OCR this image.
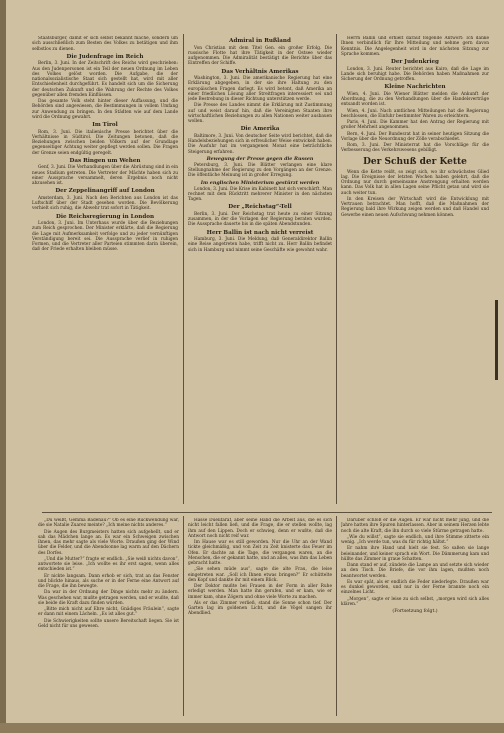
Staatsbürger, damit er sich selbst bekannt mache, sondern um sich ausschließlich zum Besten des Volkes zu betätigen und ihm selbstlos zu dienen.

Die Judenfrage im Reich

Berlin, 3. Juni. In der Zeitschrift des Reichs wird geschrieben: Aus den Judenpersonen ist ein Teil der neuen Ordnung im Leben des Volkes gelöst worden. Die Aufgabe, die der nationalsozialistische Staat sich gestellt hat, wird mit aller Entschiedenheit durchgeführt. Es handelt sich um die Sicherung der deutschen Zukunft und die Wahrung der Rechte des Volkes gegenüber allen fremden Einflüssen.

Das gesamte Volk steht hinter dieser Auffassung, und die Behörden sind angewiesen, die Bestimmungen in vollem Umfang zur Anwendung zu bringen. In den Städten wie auf dem Lande wird die Ordnung gewahrt.

Im Tirol

Rom, 3. Juni. Die italienische Presse berichtet über die Verhältnisse in Südtirol. Die Zeitungen betonen, daß die Beziehungen zwischen beiden Völkern auf der Grundlage gegenseitiger Achtung weiter gepflegt werden sollen. Die Fragen der Grenze seien endgültig geregelt.

Das Ringen um Wehen

Genf, 3. Juni. Die Verhandlungen über die Abrüstung sind in ein neues Stadium getreten. Die Vertreter der Mächte haben sich zu einer Aussprache versammelt, deren Ergebnis noch nicht abzusehen ist.

Der Zeppelinangriff auf London

Amsterdam, 3. Juni. Nach den Berichten aus London ist das Luftschiff über der Stadt gesehen worden. Die Bevölkerung verhielt sich ruhig, die Abwehr trat sofort in Tätigkeit.

Die Reichsregierung in London

London, 3. Juni. Im Unterhaus wurde über die Beziehungen zum Reich gesprochen. Der Minister erklärte, daß die Regierung die Lage mit Aufmerksamkeit verfolge und zu jeder vernünftigen Verständigung bereit sei. Die Aussprache verlief in ruhigen Formen, und die Vertreter aller Parteien stimmten darin überein, daß der Friede erhalten bleiben müsse.

Admiral in Rußland

Von Christian mit dem Titel Gen. ein großer Erfolg. Die russische Flotte hat ihre Tätigkeit in der Ostsee wieder aufgenommen. Die Admiralität bestätigt die Berichte über das Eintreffen der Schiffe.

Das Verhältnis Amerikas

Washington, 3. Juni. Die amerikanische Regierung hat eine Erklärung abgegeben, in der sie ihre Haltung zu den europäischen Fragen darlegt. Es wird betont, daß Amerika an einer friedlichen Lösung aller Streitfragen interessiert sei und jede Bestrebung in dieser Richtung unterstützen werde.

Die Presse des Landes nimmt die Erklärung mit Zustimmung auf und weist darauf hin, daß die Vereinigten Staaten ihre wirtschaftlichen Beziehungen zu allen Nationen weiter ausbauen wollen.

Die Amerika

Baltimore, 3. Juni. Von deutscher Seite wird berichtet, daß die Handelsbeziehungen sich in erfreulicher Weise entwickelt haben. Die Ausfuhr hat im vergangenen Monat eine beträchtliche Steigerung erfahren.

Bewegung der Presse gegen die Russen

Petersburg, 3. Juni. Die Blätter verlangen eine klare Stellungnahme der Regierung zu den Vorgängen an der Grenze. Die öffentliche Meinung ist in großer Erregung.

Im englischen Ministerium gestürzt werden

London, 3. Juni. Die Krise im Kabinett hat sich verschärft. Man rechnet mit dem Rücktritt mehrerer Minister in den nächsten Tagen.

Der „Reichstag“-Tell

Berlin, 3. Juni. Der Reichstag trat heute zu einer Sitzung zusammen, in der die Vorlagen der Regierung beraten wurden. Die Aussprache dauerte bis in die späten Abendstunden.

Herr Ballin ist nach nicht verreist

Hamburg, 3. Juni. Die Meldung, daß Generaldirektor Ballin eine Reise angetreten habe, trifft nicht zu. Herr Ballin befindet sich in Hamburg und nimmt seine Geschäfte wie gewohnt wahr.

Herrn Ballin und erhielt darauf folgende Antwort: Ich danke Ihnen verbindlich für Ihre Mitteilung und nehme gern davon Kenntnis. Die Angelegenheit wird in der nächsten Sitzung zur Sprache kommen.

Der Judenkrieg

London, 3. Juni. Reuter berichtet aus Kairo, daß die Lage im Lande sich beruhigt habe. Die Behörden haben Maßnahmen zur Sicherung der Ordnung getroffen.

Kleine Nachrichten

Wien, 4. Juni. Die Wiener Blätter melden die Ankunft der Abordnung, die zu den Verhandlungen über die Handelsverträge entsandt worden ist.

Wien, 4. Juni. Nach amtlichen Mitteilungen hat die Regierung beschlossen, die Einfuhr bestimmter Waren zu erleichtern.

Paris, 4. Juni. Die Kammer hat den Antrag der Regierung mit großer Mehrheit angenommen.

Bern, 4. Juni. Der Bundesrat hat in seiner heutigen Sitzung die Vorlage über die Neuordnung der Zölle verabschiedet.

Rom, 3. Juni. Der Ministerrat hat die Vorschläge für die Verbesserung des Verkehrswesens gebilligt.

Der Schuß der Kette

Wenn die Kette reißt, so zeigt sich, wo ihr schwächstes Glied lag. Die Ereignisse der letzten Wochen haben gelehrt, daß die Ordnung nur durch gemeinsame Anstrengung erhalten werden kann. Das Volk hat in allen Lagen seine Pflicht getan und wird sie auch weiter tun.

In den Kreisen der Wirtschaft wird die Entwicklung mit Vertrauen betrachtet. Man hofft, daß die Maßnahmen der Regierung bald ihre Wirkung zeigen werden und daß Handel und Gewerbe einen neuen Aufschwung nehmen können.

„Du weißt, Gemma Badenau?“ Ob es eine Rückwendung war, die sie Natalie Zuarez meinte? „Ich meine nichts anderes.“

Die Augen des Burgmeisters hatten sich aufgehellt, und er sah das Mädchen lange an. Es war ein Schweigen zwischen ihnen, das mehr sagte als viele Worte. Draußen ging der Wind über die Felder, und die Abendsonne lag warm auf den Dächern des Dorfes.

„Und die Mutter?“ fragte er endlich. „Sie weiß nichts davon“, antwortete sie leise. „Ich wollte es ihr erst sagen, wenn alles entschieden ist.“

Er nickte langsam. Dann erhob er sich, trat an das Fenster und blickte hinaus, als suche er in der Ferne eine Antwort auf die Frage, die ihn bewegte.

Da war in der Ordnung der Dinge nichts mehr zu ändern. Was geschehen war, mußte getragen werden, und er wußte, daß sie beide die Kraft dazu finden würden.

„Bitte mich nicht auf Ehre nicht, Gnädiges Fräulein“, sagte er dann mit einem Lächeln. „Es ist alles gut.“

Die Schwierigkeiten sollte unsere Bereitschaft liegen. Sie ist Geld nicht für uns gewesen.

Hasse Duelifaraf, aber seine Hand die Arbeit aus, die es sich nicht leicht fallen ließ, und die Frage, die er stellen wollte, lag ihm auf den Lippen. Doch er schwieg, denn er wußte, daß die Antwort noch nicht reif war.

Im Hause war es still geworden. Nur die Uhr an der Wand tickte gleichmäßig, und von Zeit zu Zeit knisterte das Feuer im Ofen. Er dachte an die Tage, die vergangen waren, an die Menschen, die er gekannt hatte, und an alles, was ihm das Leben gebracht hatte.

„Sie sehen müde aus“, sagte die alte Frau, die leise eingetreten war. „Soll ich Ihnen etwas bringen?“ Er schüttelte den Kopf und dankte ihr mit einem Blick.

Der Doktor mußte bei Frauen in der Form in aller Ruhe erledigt werden. Man hatte ihn gerufen, und er kam, wie er immer kam, ohne Zögern und ohne viele Worte zu machen.

Als er das Zimmer verließ, stand die Sonne schon tief. Der Garten lag im goldenen Licht, und die Vögel sangen ihr Abendlied.

Darüber schloß er die Augen. Er war nicht mehr jung, und die Jahre hatten ihre Spuren hinterlassen. Aber in seinem Herzen lebte noch die alte Kraft, die ihn durch so viele Stürme getragen hatte.

„Wie du willst“, sagte sie endlich, und ihre Stimme zitterte ein wenig. „Ich werde tun, was du für richtig hältst.“

Er nahm ihre Hand und hielt sie fest. So saßen sie lange beieinander, und keiner sprach ein Wort. Die Dämmerung kam und hüllte das Zimmer in graue Schatten.

Dann stand er auf, zündete die Lampe an und setzte sich wieder an den Tisch. Die Briefe, die vor ihm lagen, mußten noch beantwortet werden.

Es war spät, als er endlich die Feder niederlegte. Draußen war es dunkel geworden, und nur in der Ferne brannte noch ein einzelnes Licht.

„Morgen“, sagte er leise zu sich selbst, „morgen wird sich alles klären.“

(Fortsetzung folgt.)
